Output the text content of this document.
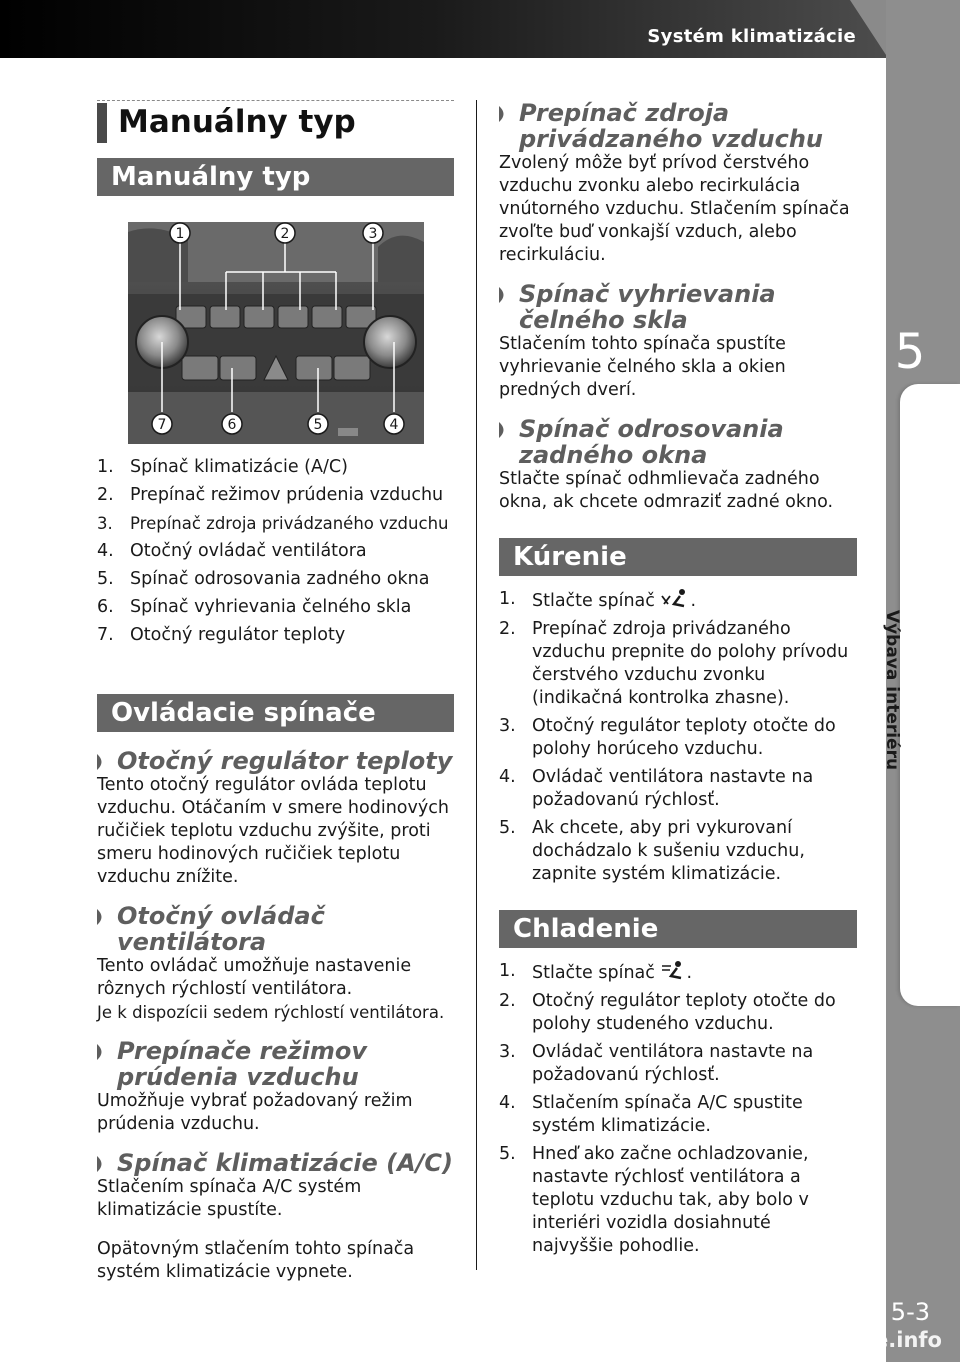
Systém klimatizácie
5
Výbava interiéru
5-3
carmanualsonline.info
Manuálny typ
Manuálny typ
1	2	3
4
5
6
7
1. Spínač klimatizácie (A/C)
2. Prepínač režimov prúdenia vzduchu
3. Prepínač zdroja privádzaného vzduchu
4. Otočný ovládač ventilátora
5. Spínač odrosovania zadného okna
6. Spínač vyhrievania čelného skla
7. Otočný regulátor teploty
Ovládacie spínače
Otočný regulátor teploty

Tento otočný regulátor ovláda teplotu vzduchu. Otáčaním v smere hodinových ručičiek teplotu vzduchu zvýšite, proti smeru hodinových ručičiek teplotu vzduchu znížite.

Otočný ovládač ventilátora

Tento ovládač umožňuje nastavenie rôznych rýchlostí ventilátora.

Je k dispozícii sedem rýchlostí ventilátora.

Prepínače režimov prúdenia vzduchu

Umožňuje vybrať požadovaný režim prúdenia vzduchu.

Spínač klimatizácie (A/C)

Stlačením spínača A/C systém klimatizácie spustíte.

Opätovným stlačením tohto spínača systém klimatizácie vypnete.

Prepínač zdroja privádzaného vzduchu

Zvolený môže byť prívod čerstvého vzduchu zvonku alebo recirkulácia vnútorného vzduchu. Stlačením spínača zvoľte buď vonkajší vzduch, alebo recirkuláciu.

Spínač vyhrievania čelného skla

Stlačením tohto spínača spustíte vyhrievanie čelného skla a okien predných dverí.

Spínač odrosovania zadného okna

Stlačte spínač odhmlievača zadného okna, ak chcete odmraziť zadné okno.

Kúrenie
1. Stlačte spínač .
2. Prepínač zdroja privádzaného vzduchu prepnite do polohy prívodu čerstvého vzduchu zvonku (indikačná kontrolka zhasne).
3. Otočný regulátor teploty otočte do polohy horúceho vzduchu.
4. Ovládač ventilátora nastavte na požadovanú rýchlosť.
5. Ak chcete, aby pri vykurovaní dochádzalo k sušeniu vzduchu, zapnite systém klimatizácie.
Chladenie
1. Stlačte spínač .
2. Otočný regulátor teploty otočte do polohy studeného vzduchu.
3. Ovládač ventilátora nastavte na požadovanú rýchlosť.
4. Stlačením spínača A/C spustite systém klimatizácie.
5. Hneď ako začne ochladzovanie, nastavte rýchlosť ventilátora a teplotu vzduchu tak, aby bolo v interiéri vozidla dosiahnuté najvyššie pohodlie.
